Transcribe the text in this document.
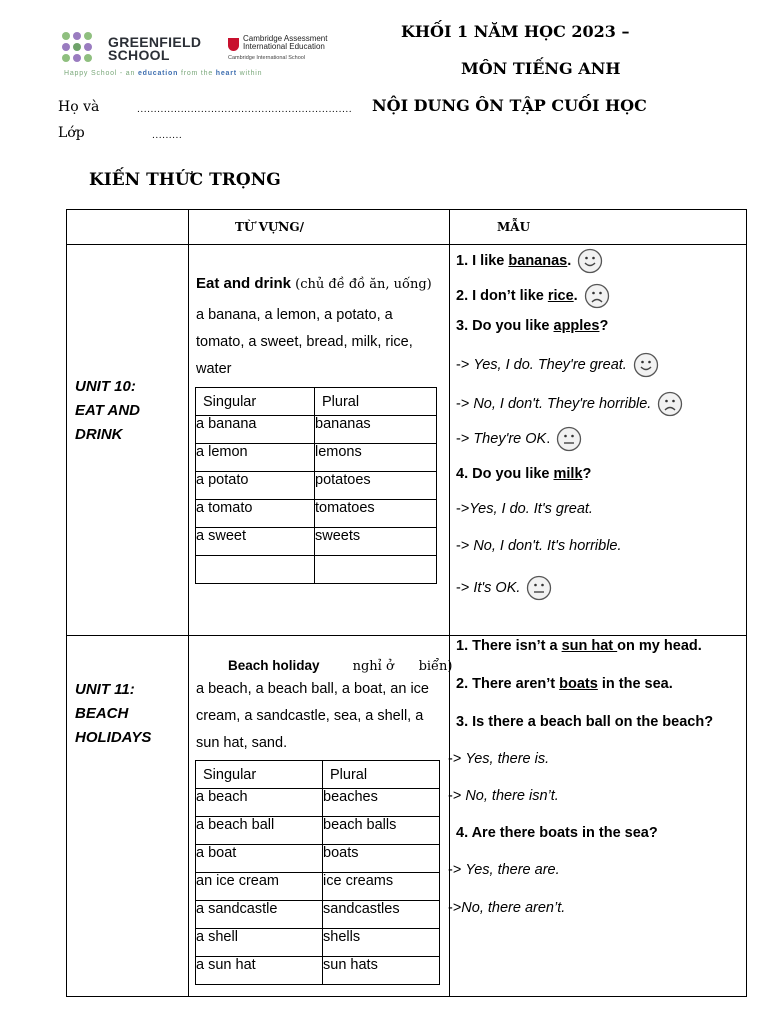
GREENFIELD
SCHOOL
Cambridge Assessment
International Education
Cambridge International School
Happy School - an education from the heart within
KHỐI 1 NĂM HỌC 2023 –
MÔN TIẾNG ANH
NỘI DUNG ÔN TẬP CUỐI HỌC
Họ và	................................................................
Lớp	.........
KIẾN THỨC TRỌNG
	TỪ VỰNG/	MẪU

UNIT 10:
EAT AND
DRINK

Eat and drink (chủ đề đồ ăn, uống)
a banana, a lemon, a potato, a tomato, a sweet, bread, milk, rice, water
Singular	Plural
a banana	bananas
a lemon	lemons
a potato	potatoes
a tomato	tomatoes
a sweet	sweets

1. I like bananas.
2. I don’t like rice.
3. Do you like apples?
-> Yes, I do. They're great.
-> No, I don't. They're horrible.
-> They're OK.
4. Do you like milk?
->Yes, I do. It's great.
-> No, I don't. It's horrible.
-> It's OK.

UNIT 11:
BEACH
HOLIDAYS

Beach holiday        nghỉ ở      biển)

a beach, a beach ball, a boat, an ice cream, a sandcastle, sea, a shell, a sun hat, sand.
Singular	Plural
a beach	beaches
a beach ball	beach balls
a boat	boats
an ice cream	ice creams
a sandcastle	sandcastles
a shell	shells
a sun hat	sun hats

1. There isn’t a sun hat on my head.
2. There aren’t boats in the sea.
3. Is there a beach ball on the beach?
-> Yes, there is.
-> No, there isn’t.
4. Are there boats in the sea?
-> Yes, there are.
->No, there aren’t.
